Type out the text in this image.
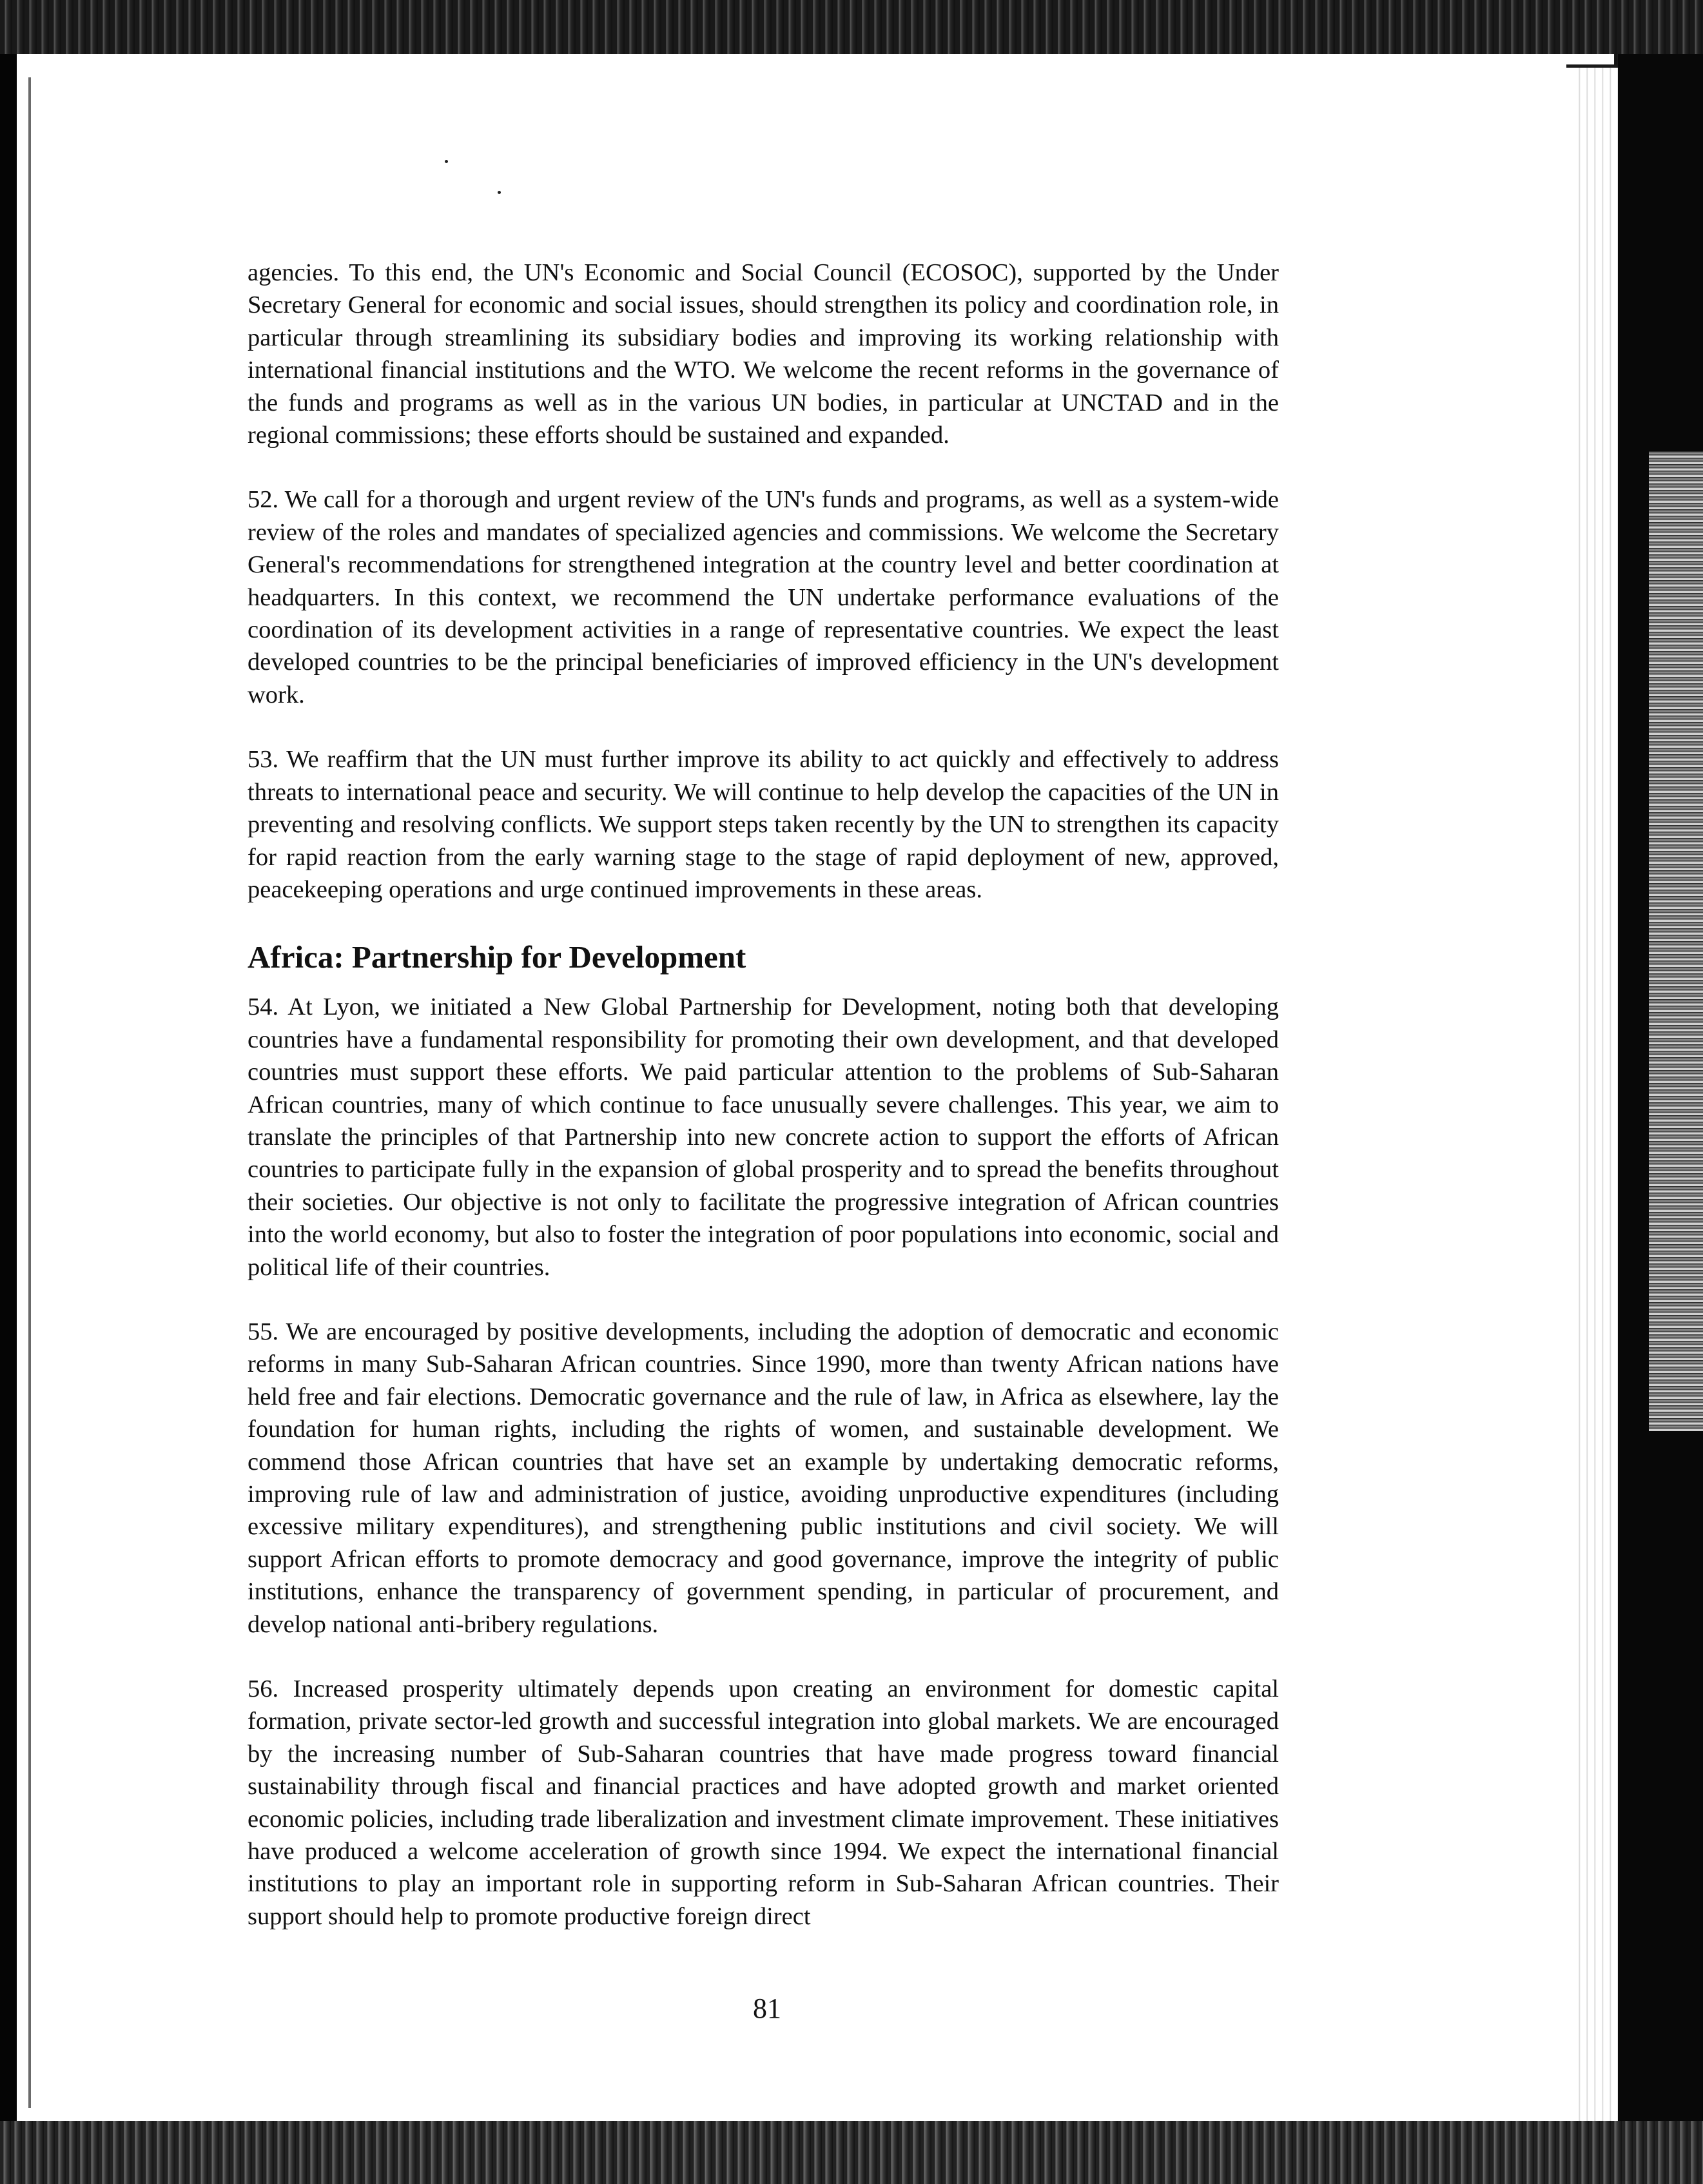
agencies. To this end, the UN's Economic and Social Council (ECOSOC), supported by the Under Secretary General for economic and social issues, should strengthen its policy and coordination role, in particular through streamlining its subsidiary bodies and improving its working relationship with international financial institutions and the WTO. We welcome the recent reforms in the governance of the funds and programs as well as in the various UN bodies, in particular at UNCTAD and in the regional commissions; these efforts should be sustained and expanded.

52. We call for a thorough and urgent review of the UN's funds and programs, as well as a system-wide review of the roles and mandates of specialized agencies and commissions. We welcome the Secretary General's recommendations for strengthened integration at the country level and better coordination at headquarters. In this context, we recommend the UN undertake performance evaluations of the coordination of its development activities in a range of representative countries. We expect the least developed countries to be the principal beneficiaries of improved efficiency in the UN's development work.

53. We reaffirm that the UN must further improve its ability to act quickly and effectively to address threats to international peace and security. We will continue to help develop the capacities of the UN in preventing and resolving conflicts. We support steps taken recently by the UN to strengthen its capacity for rapid reaction from the early warning stage to the stage of rapid deployment of new, approved, peacekeeping operations and urge continued improvements in these areas.

Africa: Partnership for Development

54. At Lyon, we initiated a New Global Partnership for Development, noting both that developing countries have a fundamental responsibility for promoting their own development, and that developed countries must support these efforts. We paid particular attention to the problems of Sub-Saharan African countries, many of which continue to face unusually severe challenges. This year, we aim to translate the principles of that Partnership into new concrete action to support the efforts of African countries to participate fully in the expansion of global prosperity and to spread the benefits throughout their societies. Our objective is not only to facilitate the progressive integration of African countries into the world economy, but also to foster the integration of poor populations into economic, social and political life of their countries.

55. We are encouraged by positive developments, including the adoption of democratic and economic reforms in many Sub-Saharan African countries. Since 1990, more than twenty African nations have held free and fair elections. Democratic governance and the rule of law, in Africa as elsewhere, lay the foundation for human rights, including the rights of women, and sustainable development. We commend those African countries that have set an example by undertaking democratic reforms, improving rule of law and administration of justice, avoiding unproductive expenditures (including excessive military expenditures), and strengthening public institutions and civil society. We will support African efforts to promote democracy and good governance, improve the integrity of public institutions, enhance the transparency of government spending, in particular of procurement, and develop national anti-bribery regulations.

56. Increased prosperity ultimately depends upon creating an environment for domestic capital formation, private sector-led growth and successful integration into global markets. We are encouraged by the increasing number of Sub-Saharan countries that have made progress toward financial sustainability through fiscal and financial practices and have adopted growth and market oriented economic policies, including trade liberalization and investment climate improvement. These initiatives have produced a welcome acceleration of growth since 1994. We expect the international financial institutions to play an important role in supporting reform in Sub-Saharan African countries. Their support should help to promote productive foreign direct

81
